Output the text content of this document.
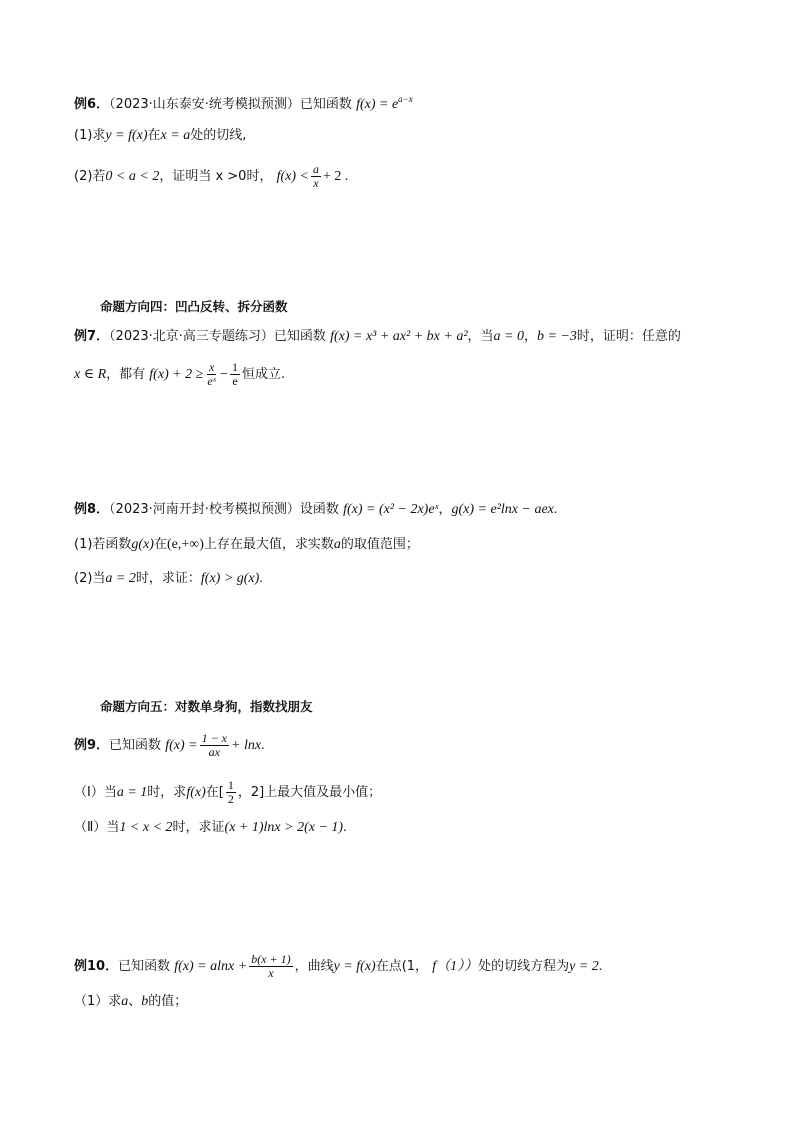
例6．（2023·山东泰安·统考模拟预测）已知函数 $f(x) = e^{a-x}$
(1)求y = f(x)在x = a处的切线,
(2)若0 < a < 2，证明当 x >0时， $f(x) < \frac{a}{x} + 2$ .
命题方向四：凹凸反转、拆分函数
例7．（2023·北京·高三专题练习）已知函数 f(x) = x³ + ax² + bx + a²，当a = 0，b = −3时，证明：任意的
x ∈ R，都有 $f(x) + 2 \ge \frac{x}{\text{eˣ}} - \frac{1}{e}$ 恒成立.
例8．（2023·河南开封·校考模拟预测）设函数 f(x) = (x² − 2x)eˣ，g(x) = e²lnx − aex.
(1)若函数g(x)在(e,+∞)上存在最大值，求实数a的取值范围；
(2)当a = 2时，求证：f(x) > g(x).
命题方向五：对数单身狗，指数找朋友
例9．已知函数 $f(x) = \frac{1 - x}{ax} + \ln x$.
（Ⅰ）当a = 1时，求f(x)在[ $\frac{1}{2}$ ，2]上最大值及最小值；
（Ⅱ）当1 < x < 2时，求证(x + 1)lnx > 2(x − 1).
例10．已知函数 $f(x) = alnx + \frac{b(x + 1)}{x}$ ，曲线y = f(x)在点(1， f（1））处的切线方程为y = 2.
（1）求a、b的值；
